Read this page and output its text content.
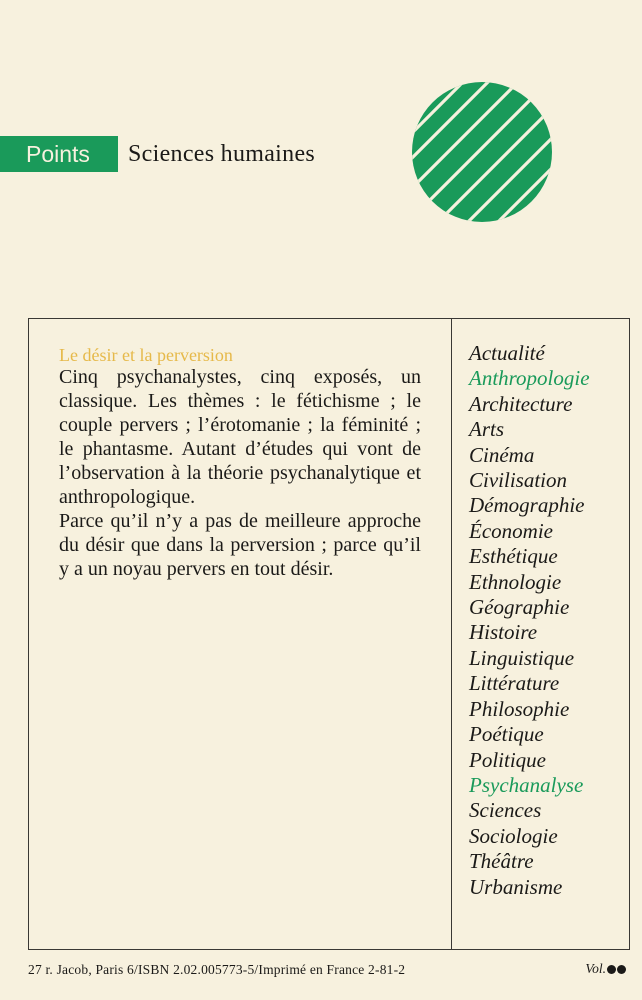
Points	Sciences humaines
Le désir et la perversion

Cinq psychanalystes, cinq exposés, un classique. Les thèmes : le fétichisme ; le couple pervers ; l’érotomanie ; la féminité ; le phantasme. Autant d’études qui vont de l’observation à la théorie psychanalytique et anthropologique.

Parce qu’il n’y a pas de meilleure approche du désir que dans la perversion ; parce qu’il y a un noyau pervers en tout désir.

Actualité
Anthropologie
Architecture
Arts
Cinéma
Civilisation
Démographie
Économie
Esthétique
Ethnologie
Géographie
Histoire
Linguistique
Littérature
Philosophie
Poétique
Politique
Psychanalyse
Sciences
Sociologie
Théâtre
Urbanisme
27 r. Jacob, Paris 6/ISBN 2.02.005773-5/Imprimé en France 2-81-2	Vol.
